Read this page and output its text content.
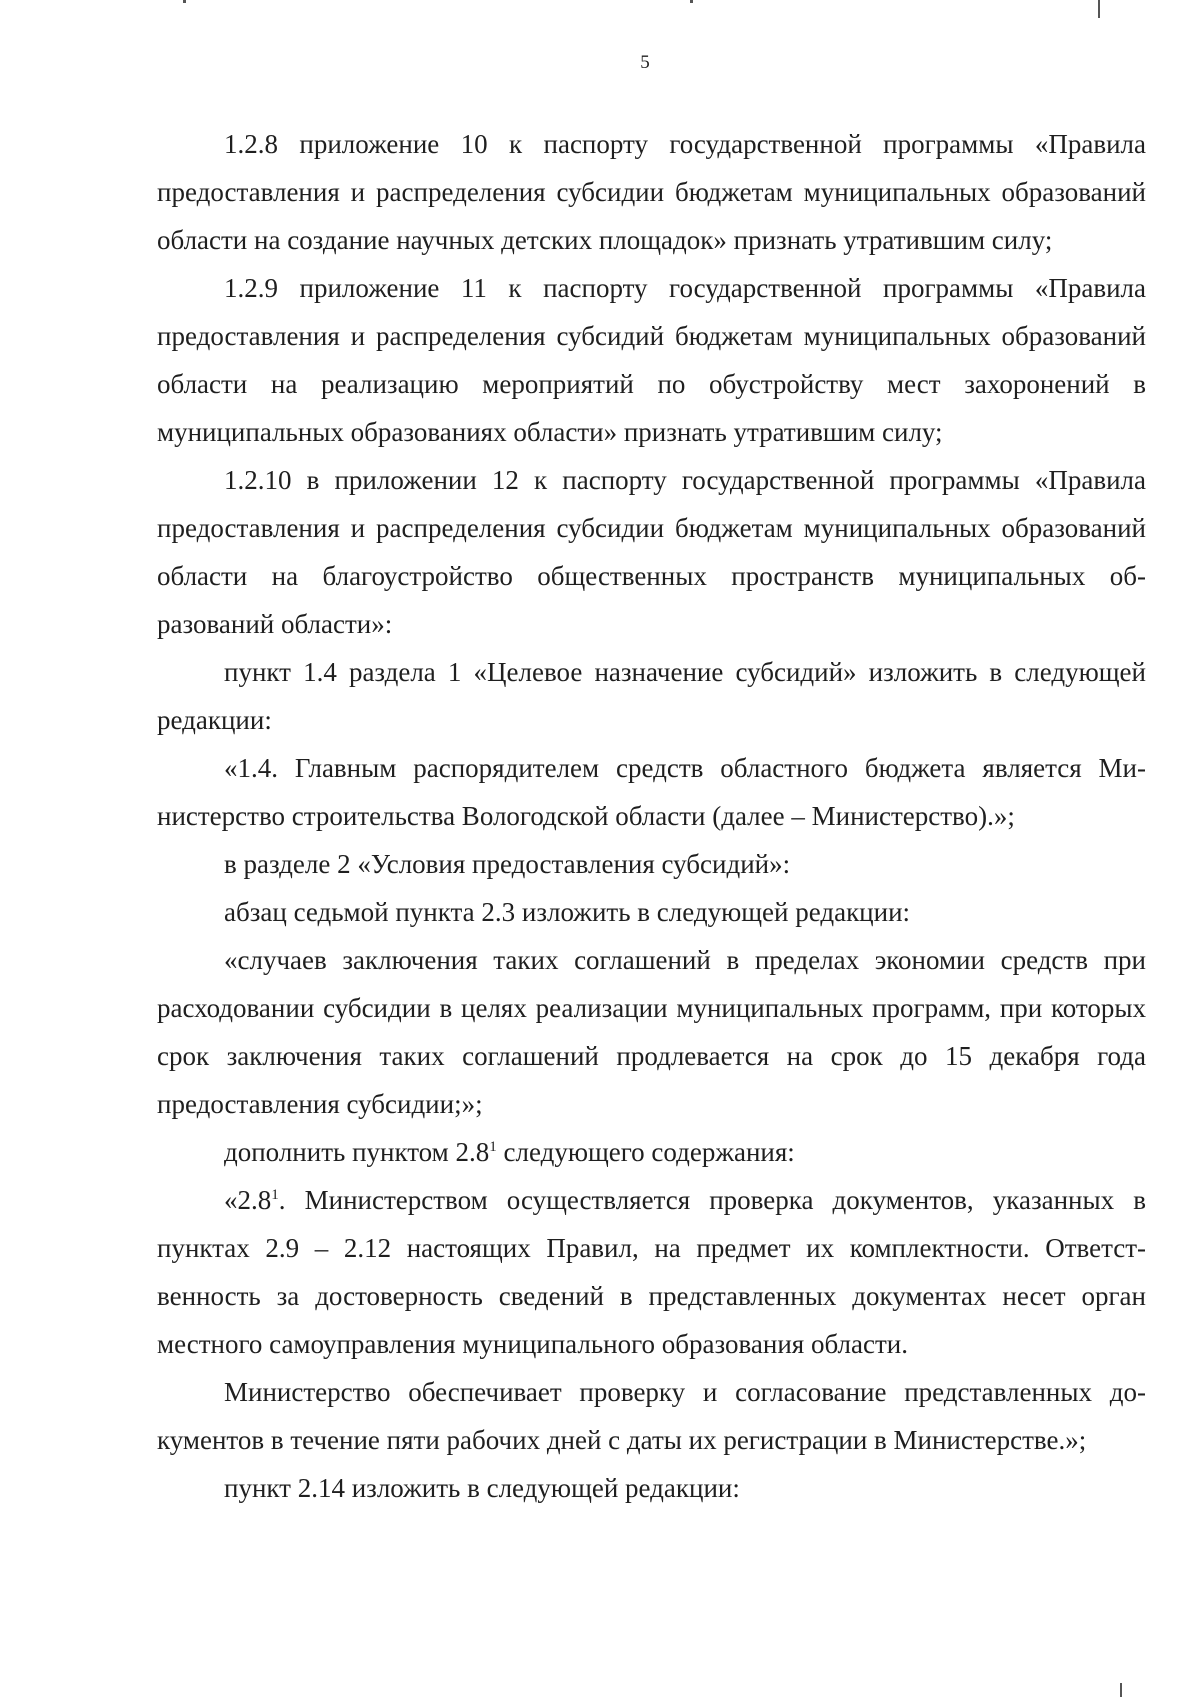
5

1.2.8 приложение 10 к паспорту государственной программы «Правила предоставления и распределения субсидии бюджетам муниципальных образований области на создание научных детских площадок» признать утратившим силу;

1.2.9 приложение 11 к паспорту государственной программы «Правила предоставления и распределения субсидий бюджетам муниципальных образований области на реализацию мероприятий по обустройству мест захоронений в муниципальных образованиях области» признать утратившим силу;

1.2.10 в приложении 12 к паспорту государственной программы «Правила предоставления и распределения субсидии бюджетам муниципальных образований области на благоустройство общественных пространств муниципальных образований области»:

пункт 1.4 раздела 1 «Целевое назначение субсидий» изложить в следующей редакции:

«1.4. Главным распорядителем средств областного бюджета является Министерство строительства Вологодской области (далее – Министерство).»;

в разделе 2 «Условия предоставления субсидий»:

абзац седьмой пункта 2.3 изложить в следующей редакции:

«случаев заключения таких соглашений в пределах экономии средств при расходовании субсидии в целях реализации муниципальных программ, при которых срок заключения таких соглашений продлевается на срок до 15 декабря года предоставления субсидии;»;

дополнить пунктом $2.8^1$ следующего содержания:

«$2.8^1$. Министерством осуществляется проверка документов, указанных в пунктах 2.9 – 2.12 настоящих Правил, на предмет их комплектности. Ответственность за достоверность сведений в представленных документах несет орган местного самоуправления муниципального образования области.

Министерство обеспечивает проверку и согласование представленных документов в течение пяти рабочих дней с даты их регистрации в Министерстве.»;

пункт 2.14 изложить в следующей редакции:
